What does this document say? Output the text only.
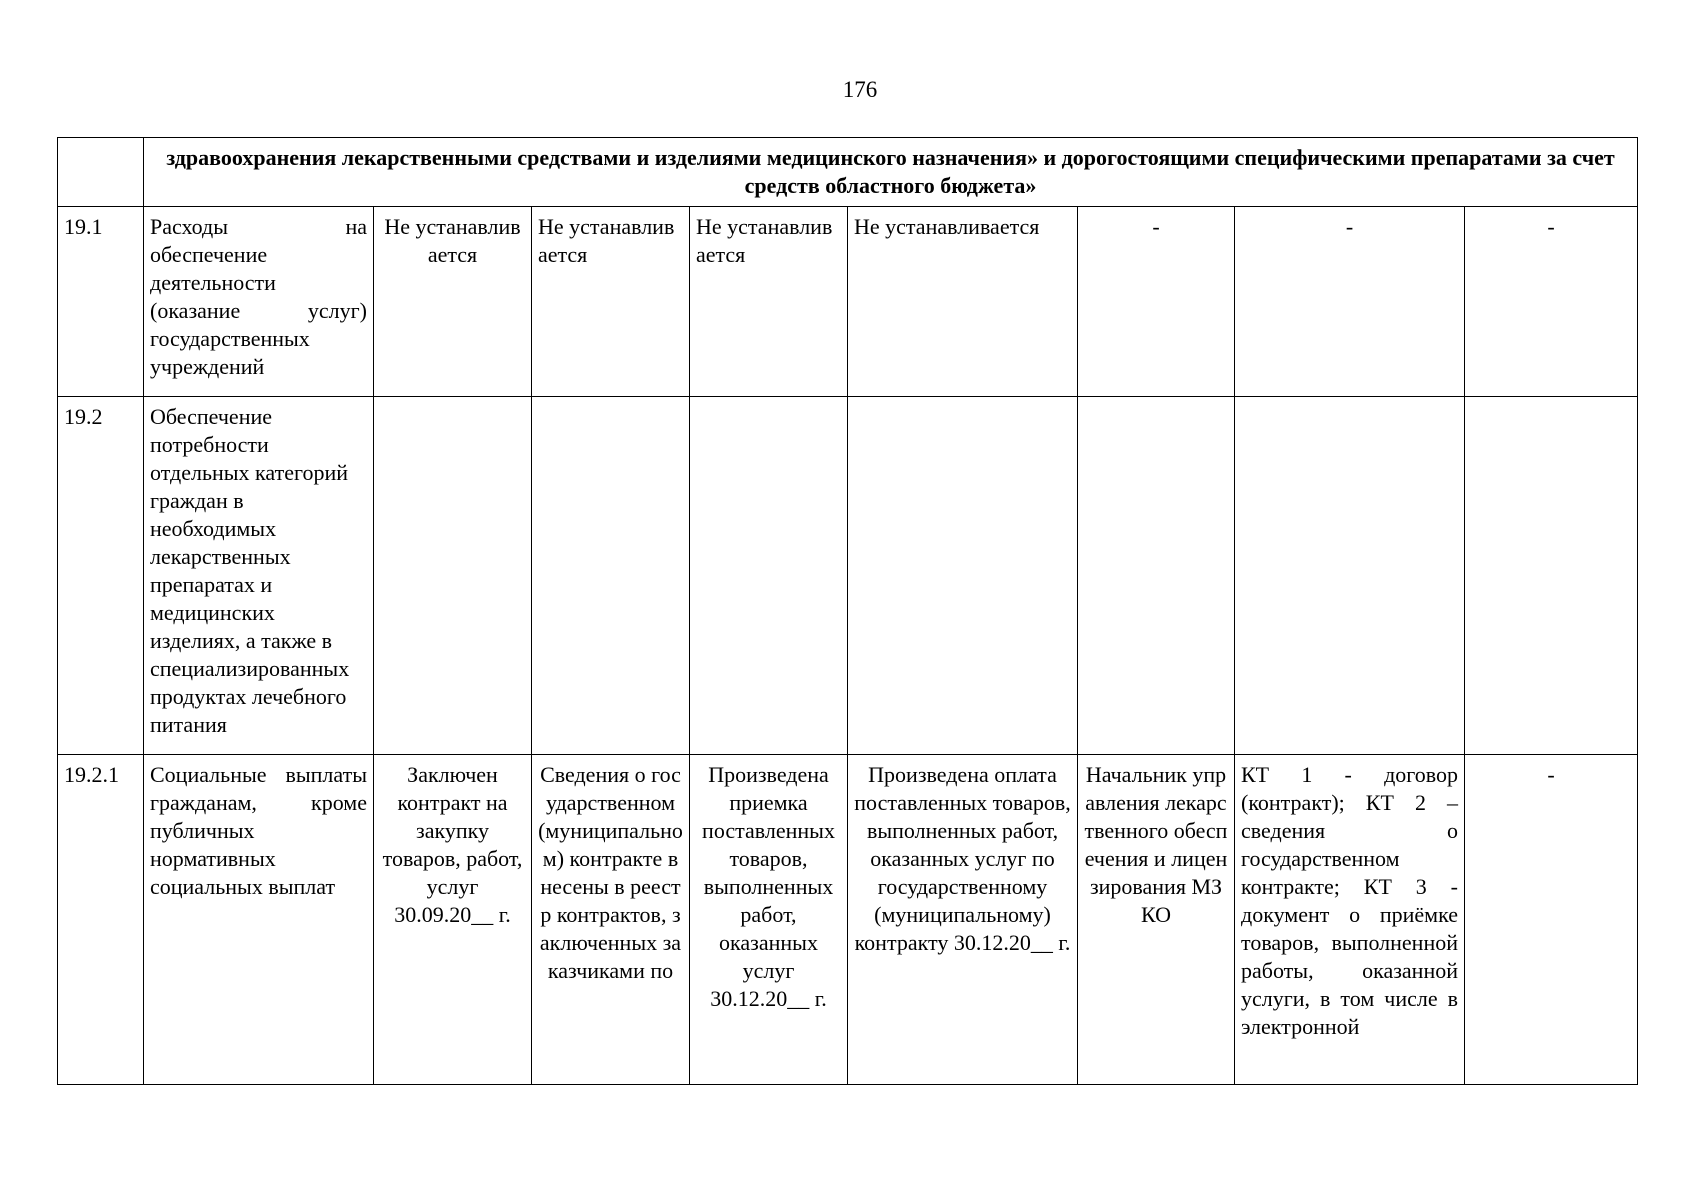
176
	здравоохранения лекарственными средствами и изделиями медицинского назначения» и дорогостоящими специфическими препаратами за счет средств областного бюджета»							
19.1	Расходы на обеспечение деятельности (оказание услуг) государственных учреждений	Не устанавливается	Не устанавливается	Не устанавливается	Не устанавливается	-	-	-
19.2	Обеспечение потребности отдельных категорий граждан в необходимых лекарственных препаратах и медицинских изделиях, а также в специализированных продуктах лечебного питания							
19.2.1	Социальные выплаты гражданам, кроме публичных нормативных социальных выплат	Заключен контракт на закупку товаров, работ, услуг 30.09.20__ г.	Сведения о государственном (муниципальном) контракте внесены в реестр контрактов, заключенных заказчиками по	Произведена приемка поставленных товаров, выполненных работ, оказанных услуг 30.12.20__ г.	Произведена оплата поставленных товаров, выполненных работ, оказанных услуг по государственному (муниципальному) контракту 30.12.20__ г.	Начальник управления лекарственного обеспечения и лицензирования МЗ КО	КТ 1 - договор (контракт); КТ 2 – сведения о государственном контракте; КТ 3 - документ о приёмке товаров, выполненной работы, оказанной услуги, в том числе в электронной	-
